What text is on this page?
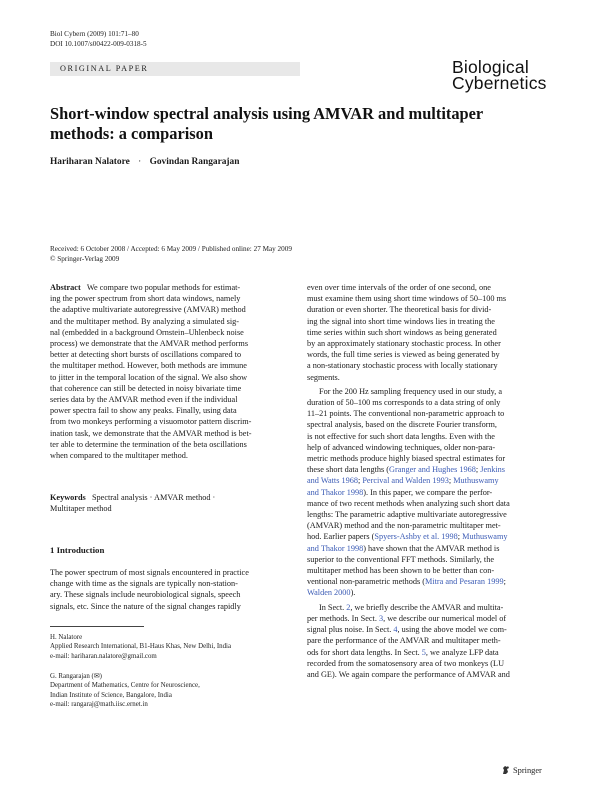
Biol Cybern (2009) 101:71–80
DOI 10.1007/s00422-009-0318-5
ORIGINAL PAPER	Biological
Cybernetics
Short-window spectral analysis using AMVAR and multitaper methods: a comparison
Hariharan Nalatore · Govindan Rangarajan
Received: 6 October 2008 / Accepted: 6 May 2009 / Published online: 27 May 2009
© Springer-Verlag 2009

Abstract We compare two popular methods for estimat-

ing the power spectrum from short data windows, namely

the adaptive multivariate autoregressive (AMVAR) method

and the multitaper method. By analyzing a simulated sig-

nal (embedded in a background Ornstein–Uhlenbeck noise

process) we demonstrate that the AMVAR method performs

better at detecting short bursts of oscillations compared to

the multitaper method. However, both methods are immune

to jitter in the temporal location of the signal. We also show

that coherence can still be detected in noisy bivariate time

series data by the AMVAR method even if the individual

power spectra fail to show any peaks. Finally, using data

from two monkeys performing a visuomotor pattern discrim-

ination task, we demonstrate that the AMVAR method is bet-

ter able to determine the termination of the beta oscillations

when compared to the multitaper method.

Keywords Spectral analysis · AMVAR method ·

Multitaper method

1 Introduction

The power spectrum of most signals encountered in practice

change with time as the signals are typically non-station-

ary. These signals include neurobiological signals, speech

signals, etc. Since the nature of the signal changes rapidly

H. Nalatore
Applied Research International, B1-Haus Khas, New Delhi, India
e-mail: hariharan.nalatore@gmail.com
G. Rangarajan (✉)
Department of Mathematics, Centre for Neuroscience,
Indian Institute of Science, Bangalore, India
e-mail: rangaraj@math.iisc.ernet.in

even over time intervals of the order of one second, one

must examine them using short time windows of 50–100 ms

duration or even shorter. The theoretical basis for divid-

ing the signal into short time windows lies in treating the

time series within such short windows as being generated

by an approximately stationary stochastic process. In other

words, the full time series is viewed as being generated by

a non-stationary stochastic process with locally stationary

segments.

For the 200 Hz sampling frequency used in our study, a

duration of 50–100 ms corresponds to a data string of only

11–21 points. The conventional non-parametric approach to

spectral analysis, based on the discrete Fourier transform,

is not effective for such short data lengths. Even with the

help of advanced windowing techniques, older non-para-

metric methods produce highly biased spectral estimates for

these short data lengths (Granger and Hughes 1968; Jenkins

and Watts 1968; Percival and Walden 1993; Muthuswamy

and Thakor 1998). In this paper, we compare the perfor-

mance of two recent methods when analyzing such short data

lengths: The parametric adaptive multivariate autoregressive

(AMVAR) method and the non-parametric multitaper met-

hod. Earlier papers (Spyers-Ashby et al. 1998; Muthuswamy

and Thakor 1998) have shown that the AMVAR method is

superior to the conventional FFT methods. Similarly, the

multitaper method has been shown to be better than con-

ventional non-parametric methods (Mitra and Pesaran 1999;

Walden 2000).

In Sect. 2, we briefly describe the AMVAR and multita-

per methods. In Sect. 3, we describe our numerical model of

signal plus noise. In Sect. 4, using the above model we com-

pare the performance of the AMVAR and multitaper meth-

ods for short data lengths. In Sect. 5, we analyze LFP data

recorded from the somatosensory area of two monkeys (LU

and GE). We again compare the performance of AMVAR and

Springer
